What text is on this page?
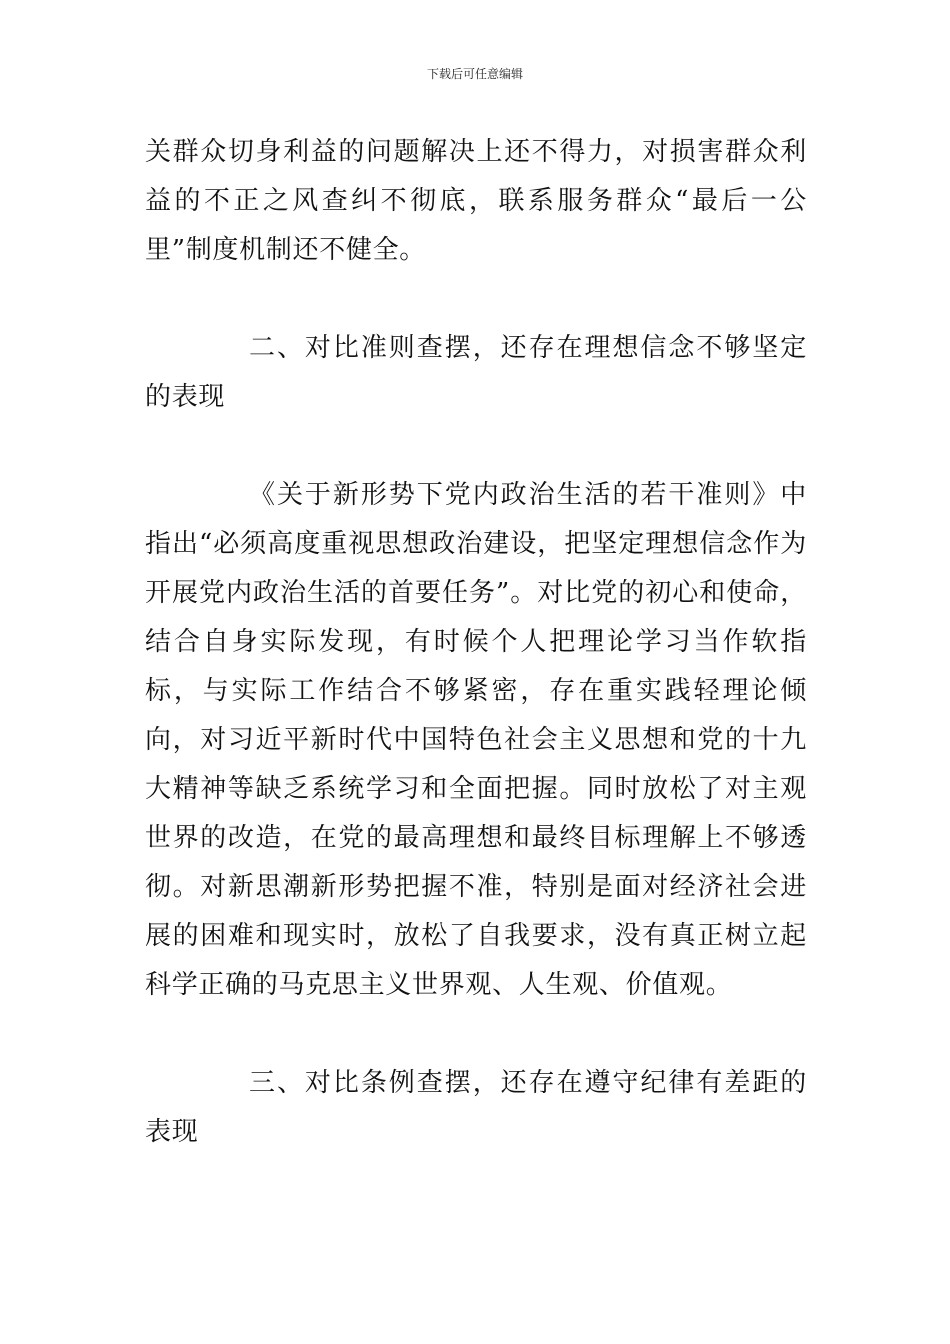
下载后可任意编辑

关群众切身利益的问题解决上还不得力，对损害群众利益的不正之风查纠不彻底，联系服务群众“最后一公里”制度机制还不健全。

二、对比准则查摆，还存在理想信念不够坚定的表现

《关于新形势下党内政治生活的若干准则》中指出“必须高度重视思想政治建设，把坚定理想信念作为开展党内政治生活的首要任务”。对比党的初心和使命，结合自身实际发现，有时候个人把理论学习当作软指标，与实际工作结合不够紧密，存在重实践轻理论倾向，对习近平新时代中国特色社会主义思想和党的十九大精神等缺乏系统学习和全面把握。同时放松了对主观世界的改造，在党的最高理想和最终目标理解上不够透彻。对新思潮新形势把握不准，特别是面对经济社会进展的困难和现实时，放松了自我要求，没有真正树立起科学正确的马克思主义世界观、人生观、价值观。

三、对比条例查摆，还存在遵守纪律有差距的表现
